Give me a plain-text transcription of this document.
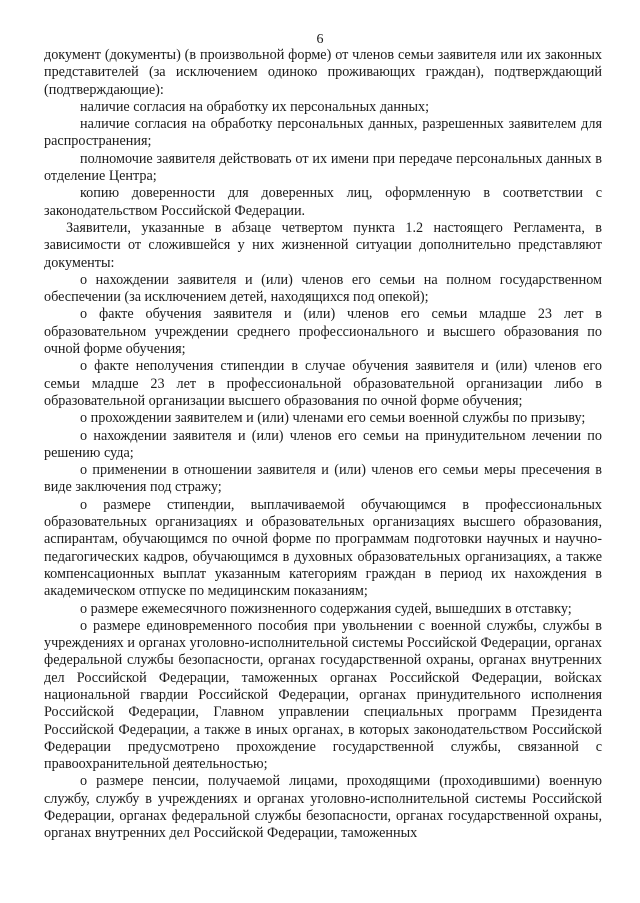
6

документ (документы) (в произвольной форме) от членов семьи заявителя или их законных представителей (за исключением одиноко проживающих граждан), подтверждающий (подтверждающие):

наличие согласия на обработку их персональных данных;

наличие согласия на обработку персональных данных, разрешенных заявителем для распространения;

полномочие заявителя действовать от их имени при передаче персональных данных в отделение Центра;

копию доверенности для доверенных лиц, оформленную в соответствии с законодательством Российской Федерации.

Заявители, указанные в абзаце четвертом пункта 1.2 настоящего Регламента, в зависимости от сложившейся у них жизненной ситуации дополнительно представляют документы:

о нахождении заявителя и (или) членов его семьи на полном государственном обеспечении (за исключением детей, находящихся под опекой);

о факте обучения заявителя и (или) членов его семьи младше 23 лет в образовательном учреждении среднего профессионального и высшего образования по очной форме обучения;

о факте неполучения стипендии в случае обучения заявителя и (или) членов его семьи младше 23 лет в профессиональной образовательной организации либо в образовательной организации высшего образования по очной форме обучения;

о прохождении заявителем и (или) членами его семьи военной службы по призыву;

о нахождении заявителя и (или) членов его семьи на принудительном лечении по решению суда;

о применении в отношении заявителя и (или) членов его семьи меры пресечения в виде заключения под стражу;

о размере стипендии, выплачиваемой обучающимся в профессиональных образовательных организациях и образовательных организациях высшего образования, аспирантам, обучающимся по очной форме по программам подготовки научных и научно-педагогических кадров, обучающимся в духовных образовательных организациях, а также компенсационных выплат указанным категориям граждан в период их нахождения в академическом отпуске по медицинским показаниям;

о размере ежемесячного пожизненного содержания судей, вышедших в отставку;

о размере единовременного пособия при увольнении с военной службы, службы в учреждениях и органах уголовно-исполнительной системы Российской Федерации, органах федеральной службы безопасности, органах государственной охраны, органах внутренних дел Российской Федерации, таможенных органах Российской Федерации, войсках национальной гвардии Российской Федерации, органах принудительного исполнения Российской Федерации, Главном управлении специальных программ Президента Российской Федерации, а также в иных органах, в которых законодательством Российской Федерации предусмотрено прохождение государственной службы, связанной с правоохранительной деятельностью;

о размере пенсии, получаемой лицами, проходящими (проходившими) военную службу, службу в учреждениях и органах уголовно-исполнительной системы Российской Федерации, органах федеральной службы безопасности, органах государственной охраны, органах внутренних дел Российской Федерации, таможенных
